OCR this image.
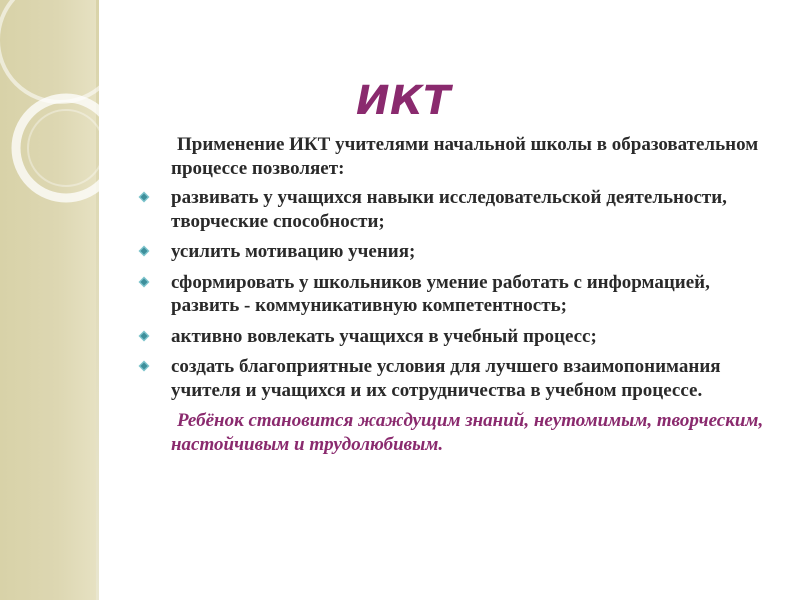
ИКТ

Применение ИКТ учителями начальной школы в образовательном процессе позволяет:

развивать у учащихся навыки исследовательской деятельности, творческие способности;
усилить мотивацию учения;
сформировать у школьников умение работать с информацией, развить - коммуникативную компетентность;
активно вовлекать учащихся в учебный процесс;
создать благоприятные условия для лучшего взаимопонимания учителя и учащихся и их сотрудничества в учебном процессе.

Ребёнок становится жаждущим знаний, неутомимым, творческим, настойчивым и трудолюбивым.
